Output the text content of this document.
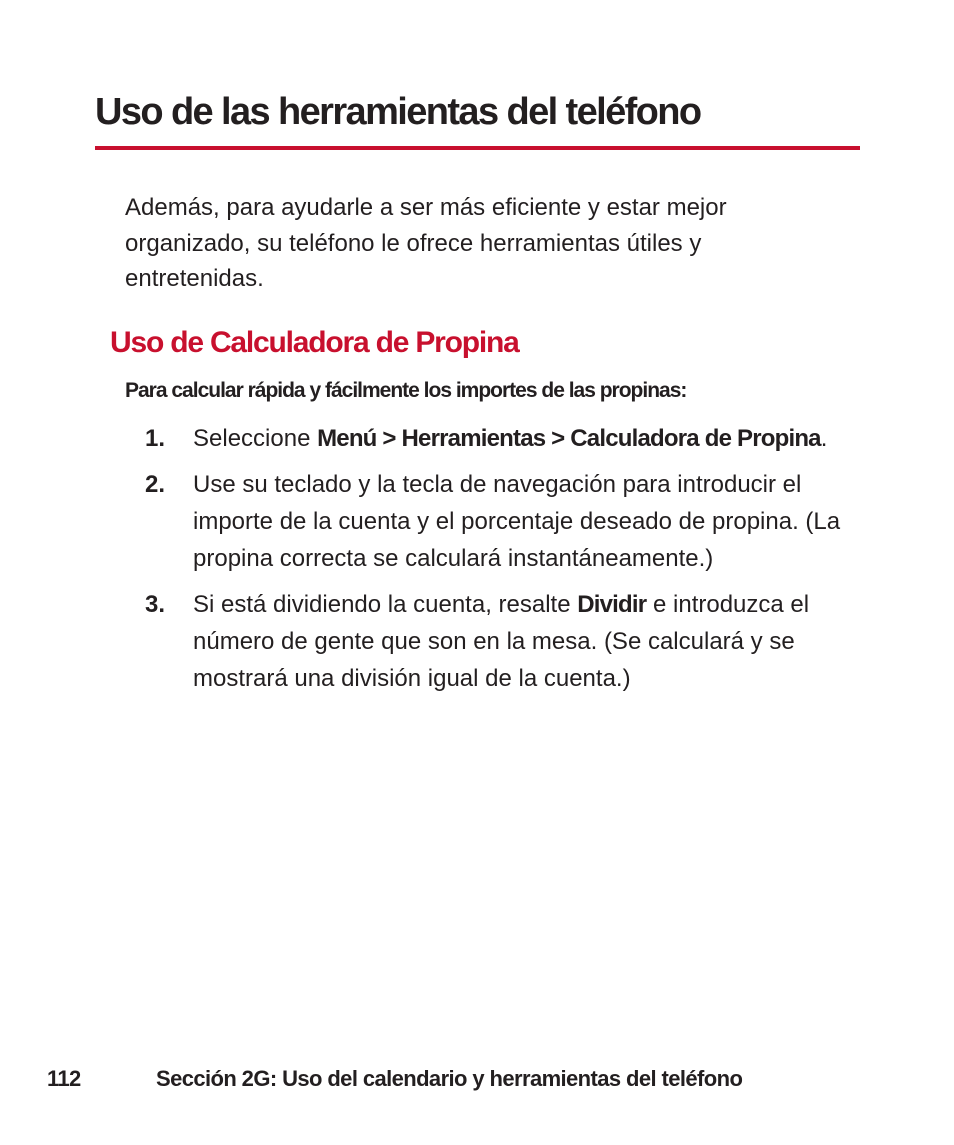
Uso de las herramientas del teléfono

Además, para ayudarle a ser más eficiente y estar mejor organizado, su teléfono le ofrece herramientas útiles y entretenidas.

Uso de Calculadora de Propina

Para calcular rápida y fácilmente los importes de las propinas:

1. Seleccione Menú > Herramientas > Calculadora de Propina.
2. Use su teclado y la tecla de navegación para introducir el importe de la cuenta y el porcentaje deseado de propina. (La propina correcta se calculará instantáneamente.)
3. Si está dividiendo la cuenta, resalte Dividir e introduzca el número de gente que son en la mesa. (Se calculará y se mostrará una división igual de la cuenta.)
112	Sección 2G: Uso del calendario y herramientas del teléfono
